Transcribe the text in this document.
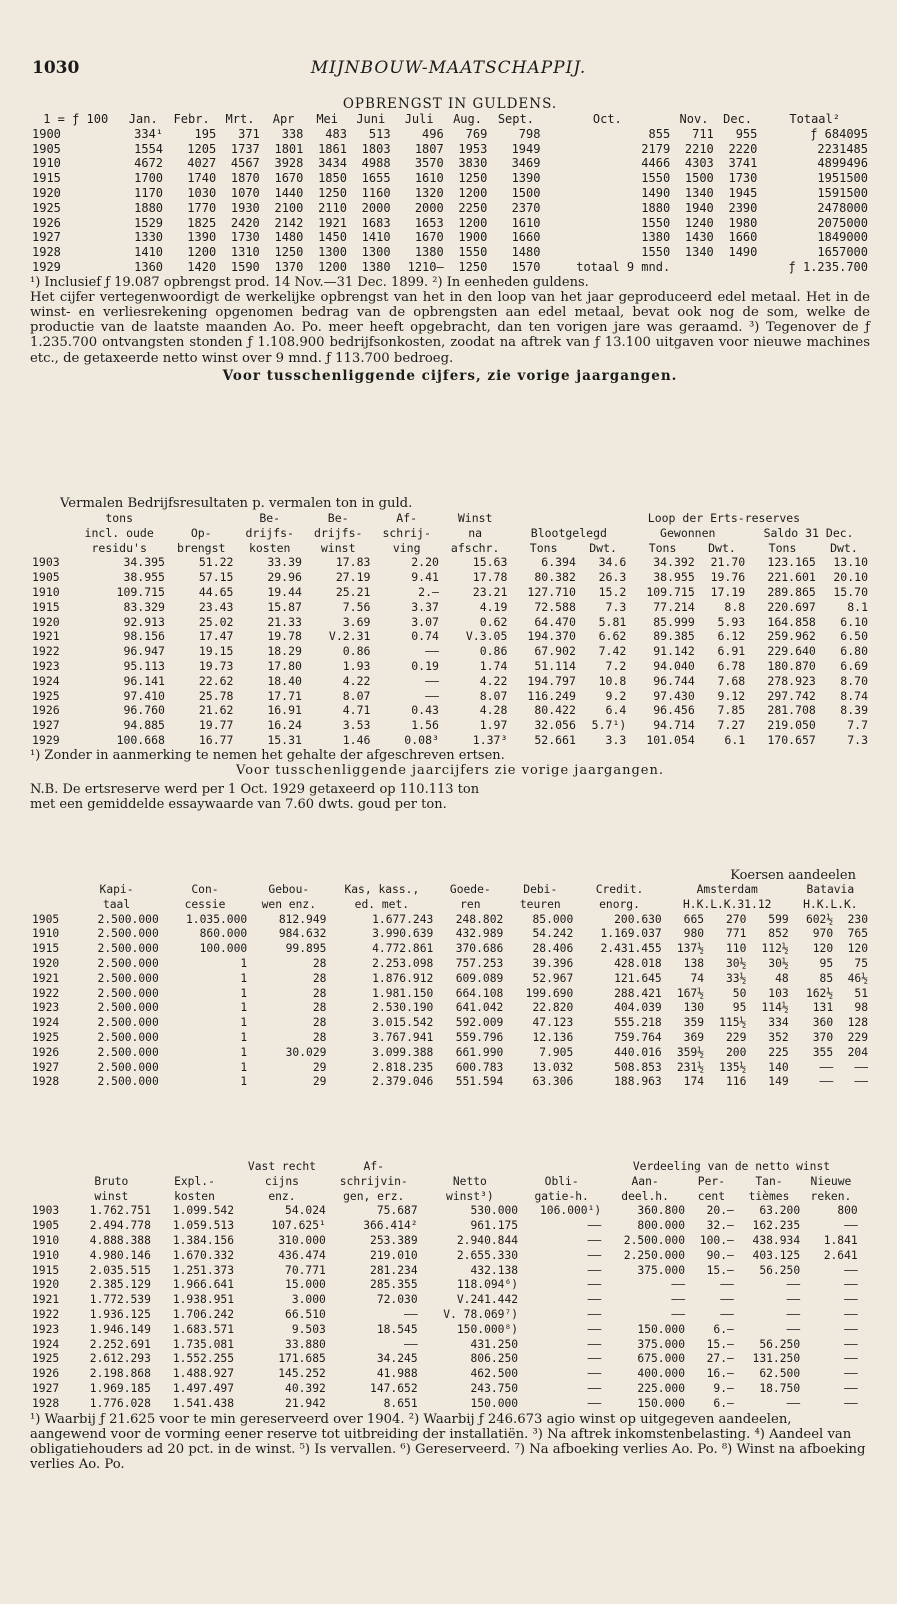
1030	MIJNBOUW-MAATSCHAPPIJ.
OPBRENGST IN GULDENS.
1 = ƒ 100	Jan.	Febr.	Mrt.	Apr	Mei	Juni	Juli	Aug.	Sept.	Oct.	Nov.	Dec.	Totaal²
1900	334¹	195	371	338	483	513	496	769	798	855	711	955	ƒ 684095
1905	1554	1205	1737	1801	1861	1803	1807	1953	1949	2179	2210	2220	2231485
1910	4672	4027	4567	3928	3434	4988	3570	3830	3469	4466	4303	3741	4899496
1915	1700	1740	1870	1670	1850	1655	1610	1250	1390	1550	1500	1730	1951500
1920	1170	1030	1070	1440	1250	1160	1320	1200	1500	1490	1340	1945	1591500
1925	1880	1770	1930	2100	2110	2000	2000	2250	2370	1880	1940	2390	2478000
1926	1529	1825	2420	2142	1921	1683	1653	1200	1610	1550	1240	1980	2075000
1927	1330	1390	1730	1480	1450	1410	1670	1900	1660	1380	1430	1660	1849000
1928	1410	1200	1310	1250	1300	1300	1380	1550	1480	1550	1340	1490	1657000
1929	1360	1420	1590	1370	1200	1380	1210—	1250	1570	totaal 9 mnd.			ƒ 1.235.700
¹) Inclusief ƒ 19.087 opbrengst prod. 14 Nov.—31 Dec. 1899. ²) In eenheden guldens.
Het cijfer vertegenwoordigt de werkelijke opbrengst van het in den loop van het jaar geproduceerd edel metaal. Het in de winst- en verliesrekening opgenomen bedrag van de opbrengsten aan edel metaal, bevat ook nog de som, welke de productie van de laatste maanden Ao. Po. meer heeft opgebracht, dan ten vorigen jare was geraamd. ³) Tegenover de ƒ 1.235.700 ontvangsten stonden ƒ 1.108.900 bedrijfsonkosten, zoodat na aftrek van ƒ 13.100 uitgaven voor nieuwe machines etc., de getaxeerde netto winst over 9 mnd. ƒ 113.700 bedroeg.
Voor tusschenliggende cijfers, zie vorige jaargangen.
Vermalen Bedrijfsresultaten p. vermalen ton in guld.
	tons		Be-	Be-	Af-	Winst		Loop der Erts-reserves				
	incl. oude	Op-	drijfs-	drijfs-	schrij-	na	Blootgelegd		Gewonnen		Saldo 31 Dec.	
	residu's	brengst	kosten	winst	ving	afschr.	Tons	Dwt.	Tons	Dwt.	Tons	Dwt.
1903	34.395	51.22	33.39	17.83	2.20	15.63	6.394	34.6	34.392	21.70	123.165	13.10
1905	38.955	57.15	29.96	27.19	9.41	17.78	80.382	26.3	38.955	19.76	221.601	20.10
1910	109.715	44.65	19.44	25.21	2.—	23.21	127.710	15.2	109.715	17.19	289.865	15.70
1915	83.329	23.43	15.87	7.56	3.37	4.19	72.588	7.3	77.214	8.8	220.697	8.1
1920	92.913	25.02	21.33	3.69	3.07	0.62	64.470	5.81	85.999	5.93	164.858	6.10
1921	98.156	17.47	19.78	V.2.31	0.74	V.3.05	194.370	6.62	89.385	6.12	259.962	6.50
1922	96.947	19.15	18.29	0.86	——	0.86	67.902	7.42	91.142	6.91	229.640	6.80
1923	95.113	19.73	17.80	1.93	0.19	1.74	51.114	7.2	94.040	6.78	180.870	6.69
1924	96.141	22.62	18.40	4.22	——	4.22	194.797	10.8	96.744	7.68	278.923	8.70
1925	97.410	25.78	17.71	8.07	——	8.07	116.249	9.2	97.430	9.12	297.742	8.74
1926	96.760	21.62	16.91	4.71	0.43	4.28	80.422	6.4	96.456	7.85	281.708	8.39
1927	94.885	19.77	16.24	3.53	1.56	1.97	32.056	5.7¹)	94.714	7.27	219.050	7.7
1929	100.668	16.77	15.31	1.46	0.08³	1.37³	52.661	3.3	101.054	6.1	170.657	7.3
¹) Zonder in aanmerking te nemen het gehalte der afgeschreven ertsen.
Voor tusschenliggende jaarcijfers zie vorige jaargangen.
N.B. De ertsreserve werd per 1 Oct. 1929 getaxeerd op 110.113 ton
met een gemiddelde essaywaarde van 7.60 dwts. goud per ton.
Koersen aandeelen
	Kapi-	Con-	Gebou-	Kas, kass.,	Goede-	Debi-	Credit.	Amsterdam			Batavia	
	taal	cessie	wen enz.	ed. met.	ren	teuren	enorg.	H.K.L.K.31.12			H.K.L.K.	
1905	2.500.000	1.035.000	812.949	1.677.243	248.802	85.000	200.630	665	270	599	602½	230
1910	2.500.000	860.000	984.632	3.990.639	432.989	54.242	1.169.037	980	771	852	970	765
1915	2.500.000	100.000	99.895	4.772.861	370.686	28.406	2.431.455	137½	110	112½	120	120
1920	2.500.000	1	28	2.253.098	757.253	39.396	428.018	138	30½	30½	95	75
1921	2.500.000	1	28	1.876.912	609.089	52.967	121.645	74	33½	48	85	46½
1922	2.500.000	1	28	1.981.150	664.108	199.690	288.421	167½	50	103	162½	51
1923	2.500.000	1	28	2.530.190	641.042	22.820	404.039	130	95	114½	131	98
1924	2.500.000	1	28	3.015.542	592.009	47.123	555.218	359	115½	334	360	128
1925	2.500.000	1	28	3.767.941	559.796	12.136	759.764	369	229	352	370	229
1926	2.500.000	1	30.029	3.099.388	661.990	7.905	440.016	359½	200	225	355	204
1927	2.500.000	1	29	2.818.235	600.783	13.032	508.853	231½	135½	140	——	——
1928	2.500.000	1	29	2.379.046	551.594	63.306	188.963	174	116	149	——	——
			Vast recht	Af-			Verdeeling van de netto winst					
	Bruto	Expl.-	cijns	schrijvin-	Netto	Obli-	Aan-	Per-	Tan-	Nieuwe		
	winst	kosten	enz.	gen, erz.	winst³)	gatie-h.	deel.h.	cent	tièmes	reken.		
1903	1.762.751	1.099.542	54.024	75.687	530.000	106.000¹)	360.800	20.—	63.200	800		
1905	2.494.778	1.059.513	107.625¹	366.414²	961.175	——	800.000	32.—	162.235	——		
1910	4.888.388	1.384.156	310.000	253.389	2.940.844	——	2.500.000	100.—	438.934	1.841		
1910	4.980.146	1.670.332	436.474	219.010	2.655.330	——	2.250.000	90.—	403.125	2.641		
1915	2.035.515	1.251.373	70.771	281.234	432.138	——	375.000	15.—	56.250	——		
1920	2.385.129	1.966.641	15.000	285.355	118.094⁶)	——	——	——	——	——		
1921	1.772.539	1.938.951	3.000	72.030	V.241.442	——	——	——	——	——		
1922	1.936.125	1.706.242	66.510	——	V. 78.069⁷)	——	——	——	——	——		
1923	1.946.149	1.683.571	9.503	18.545	150.000⁸)	——	150.000	6.—	——	——		
1924	2.252.691	1.735.081	33.880	——	431.250	——	375.000	15.—	56.250	——		
1925	2.612.293	1.552.255	171.685	34.245	806.250	——	675.000	27.—	131.250	——		
1926	2.198.868	1.488.927	145.252	41.988	462.500	——	400.000	16.—	62.500	——		
1927	1.969.185	1.497.497	40.392	147.652	243.750	——	225.000	9.—	18.750	——		
1928	1.776.028	1.541.438	21.942	8.651	150.000	——	150.000	6.—	——	——		
¹) Waarbij ƒ 21.625 voor te min gereserveerd over 1904. ²) Waarbij ƒ 246.673 agio winst op uitgegeven aandeelen, aangewend voor de vorming eener reserve tot uitbreiding der installatiën. ³) Na aftrek inkomstenbelasting. ⁴) Aandeel van obligatiehouders ad 20 pct. in de winst. ⁵) Is vervallen. ⁶) Gereserveerd. ⁷) Na afboeking verlies Ao. Po. ⁸) Winst na afboeking verlies Ao. Po.
